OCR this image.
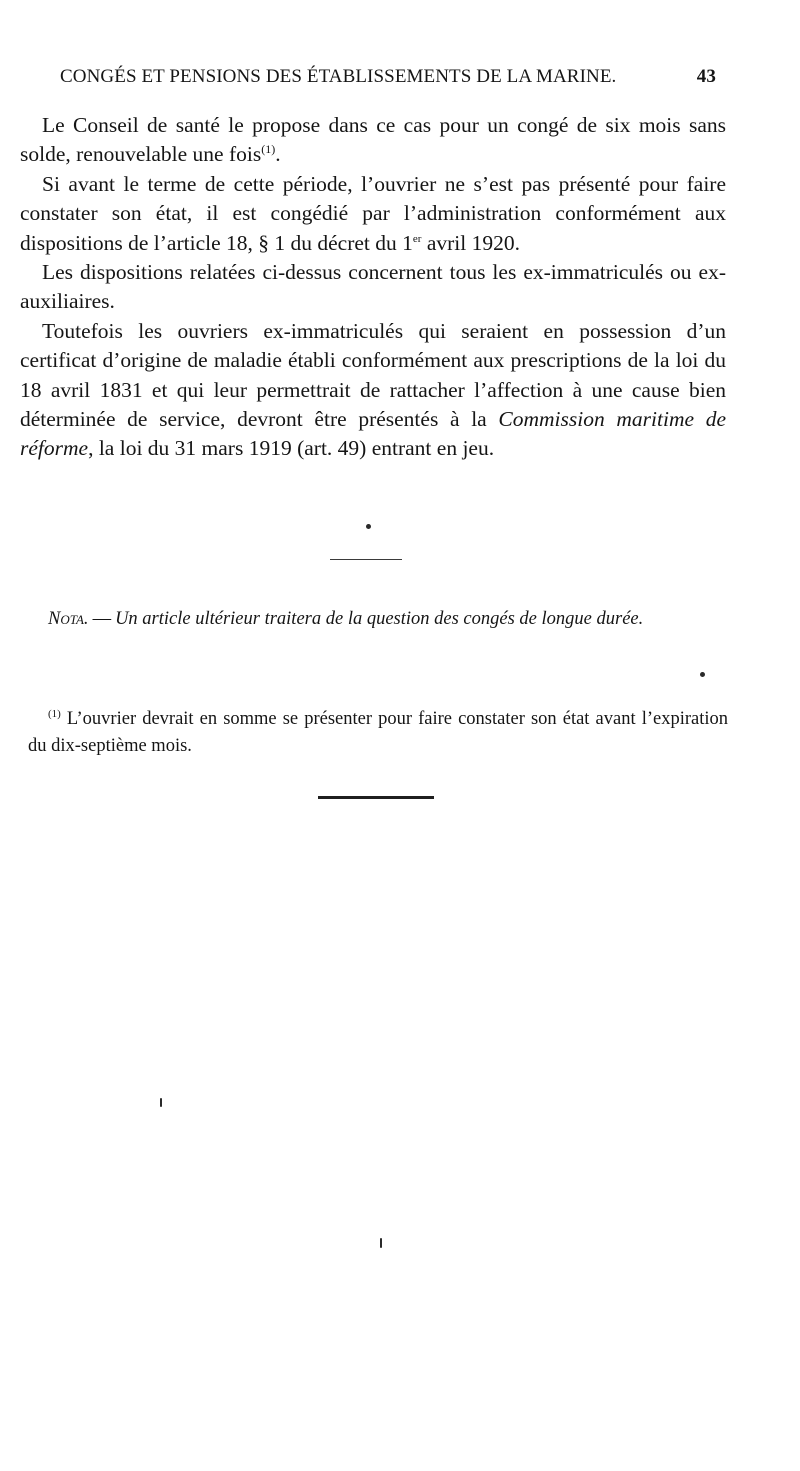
CONGÉS ET PENSIONS DES ÉTABLISSEMENTS DE LA MARINE.	43

Le Conseil de santé le propose dans ce cas pour un congé de six mois sans solde, renouvelable une fois$^{(1)}$.

Si avant le terme de cette période, l’ouvrier ne s’est pas présenté pour faire constater son état, il est congédié par l’administration conformément aux dispositions de l’article 18, § 1 du décret du 1er avril 1920.

Les dispositions relatées ci-dessus concernent tous les ex-immatriculés ou ex-auxiliaires.

Toutefois les ouvriers ex-immatriculés qui seraient en possession d’un certificat d’origine de maladie établi conformément aux prescriptions de la loi du 18 avril 1831 et qui leur permettrait de rattacher l’affection à une cause bien déterminée de service, devront être présentés à la Commission maritime de réforme, la loi du 31 mars 1919 (art. 49) entrant en jeu.

Nota. — Un article ultérieur traitera de la question des congés de longue durée.
$^{(1)}$ L’ouvrier devrait en somme se présenter pour faire constater son état avant l’expiration du dix-septième mois.
